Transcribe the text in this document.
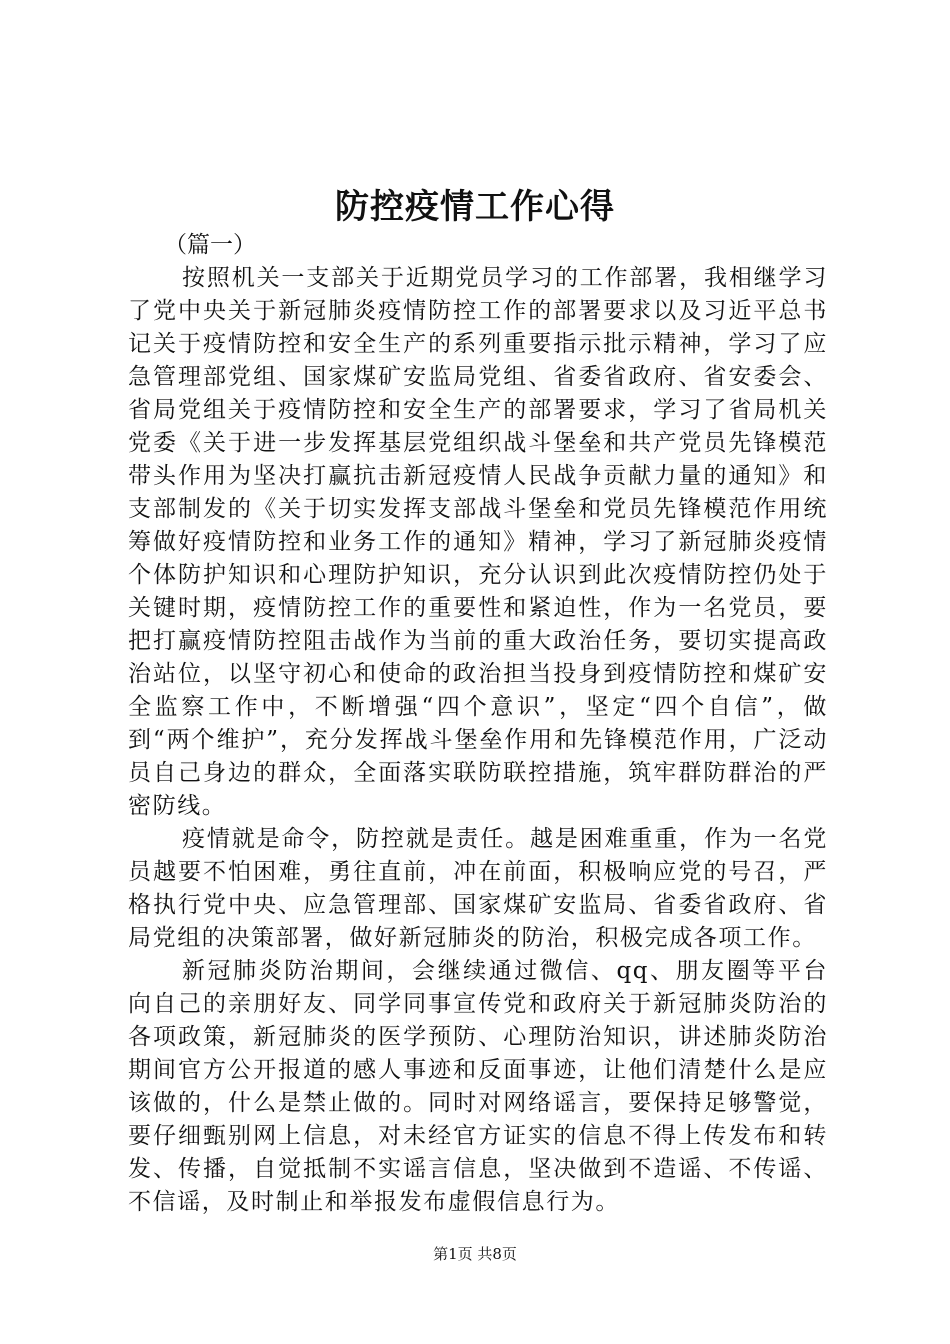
防控疫情工作心得
（篇一）

按照机关一支部关于近期党员学习的工作部署，我相继学习了党中央关于新冠肺炎疫情防控工作的部署要求以及习近平总书记关于疫情防控和安全生产的系列重要指示批示精神，学习了应急管理部党组、国家煤矿安监局党组、省委省政府、省安委会、省局党组关于疫情防控和安全生产的部署要求，学习了省局机关党委《关于进一步发挥基层党组织战斗堡垒和共产党员先锋模范带头作用为坚决打赢抗击新冠疫情人民战争贡献力量的通知》和支部制发的《关于切实发挥支部战斗堡垒和党员先锋模范作用统筹做好疫情防控和业务工作的通知》精神，学习了新冠肺炎疫情个体防护知识和心理防护知识，充分认识到此次疫情防控仍处于关键时期，疫情防控工作的重要性和紧迫性，作为一名党员，要把打赢疫情防控阻击战作为当前的重大政治任务，要切实提高政治站位，以坚守初心和使命的政治担当投身到疫情防控和煤矿安全监察工作中，不断增强“四个意识”，坚定“四个自信”，做到“两个维护”，充分发挥战斗堡垒作用和先锋模范作用，广泛动员自己身边的群众，全面落实联防联控措施，筑牢群防群治的严密防线。

疫情就是命令，防控就是责任。越是困难重重，作为一名党员越要不怕困难，勇往直前，冲在前面，积极响应党的号召，严格执行党中央、应急管理部、国家煤矿安监局、省委省政府、省局党组的决策部署，做好新冠肺炎的防治，积极完成各项工作。

新冠肺炎防治期间，会继续通过微信、qq、朋友圈等平台向自己的亲朋好友、同学同事宣传党和政府关于新冠肺炎防治的各项政策，新冠肺炎的医学预防、心理防治知识，讲述肺炎防治期间官方公开报道的感人事迹和反面事迹，让他们清楚什么是应该做的，什么是禁止做的。同时对网络谣言，要保持足够警觉，要仔细甄别网上信息，对未经官方证实的信息不得上传发布和转发、传播，自觉抵制不实谣言信息，坚决做到不造谣、不传谣、不信谣，及时制止和举报发布虚假信息行为。

第1页 共8页
